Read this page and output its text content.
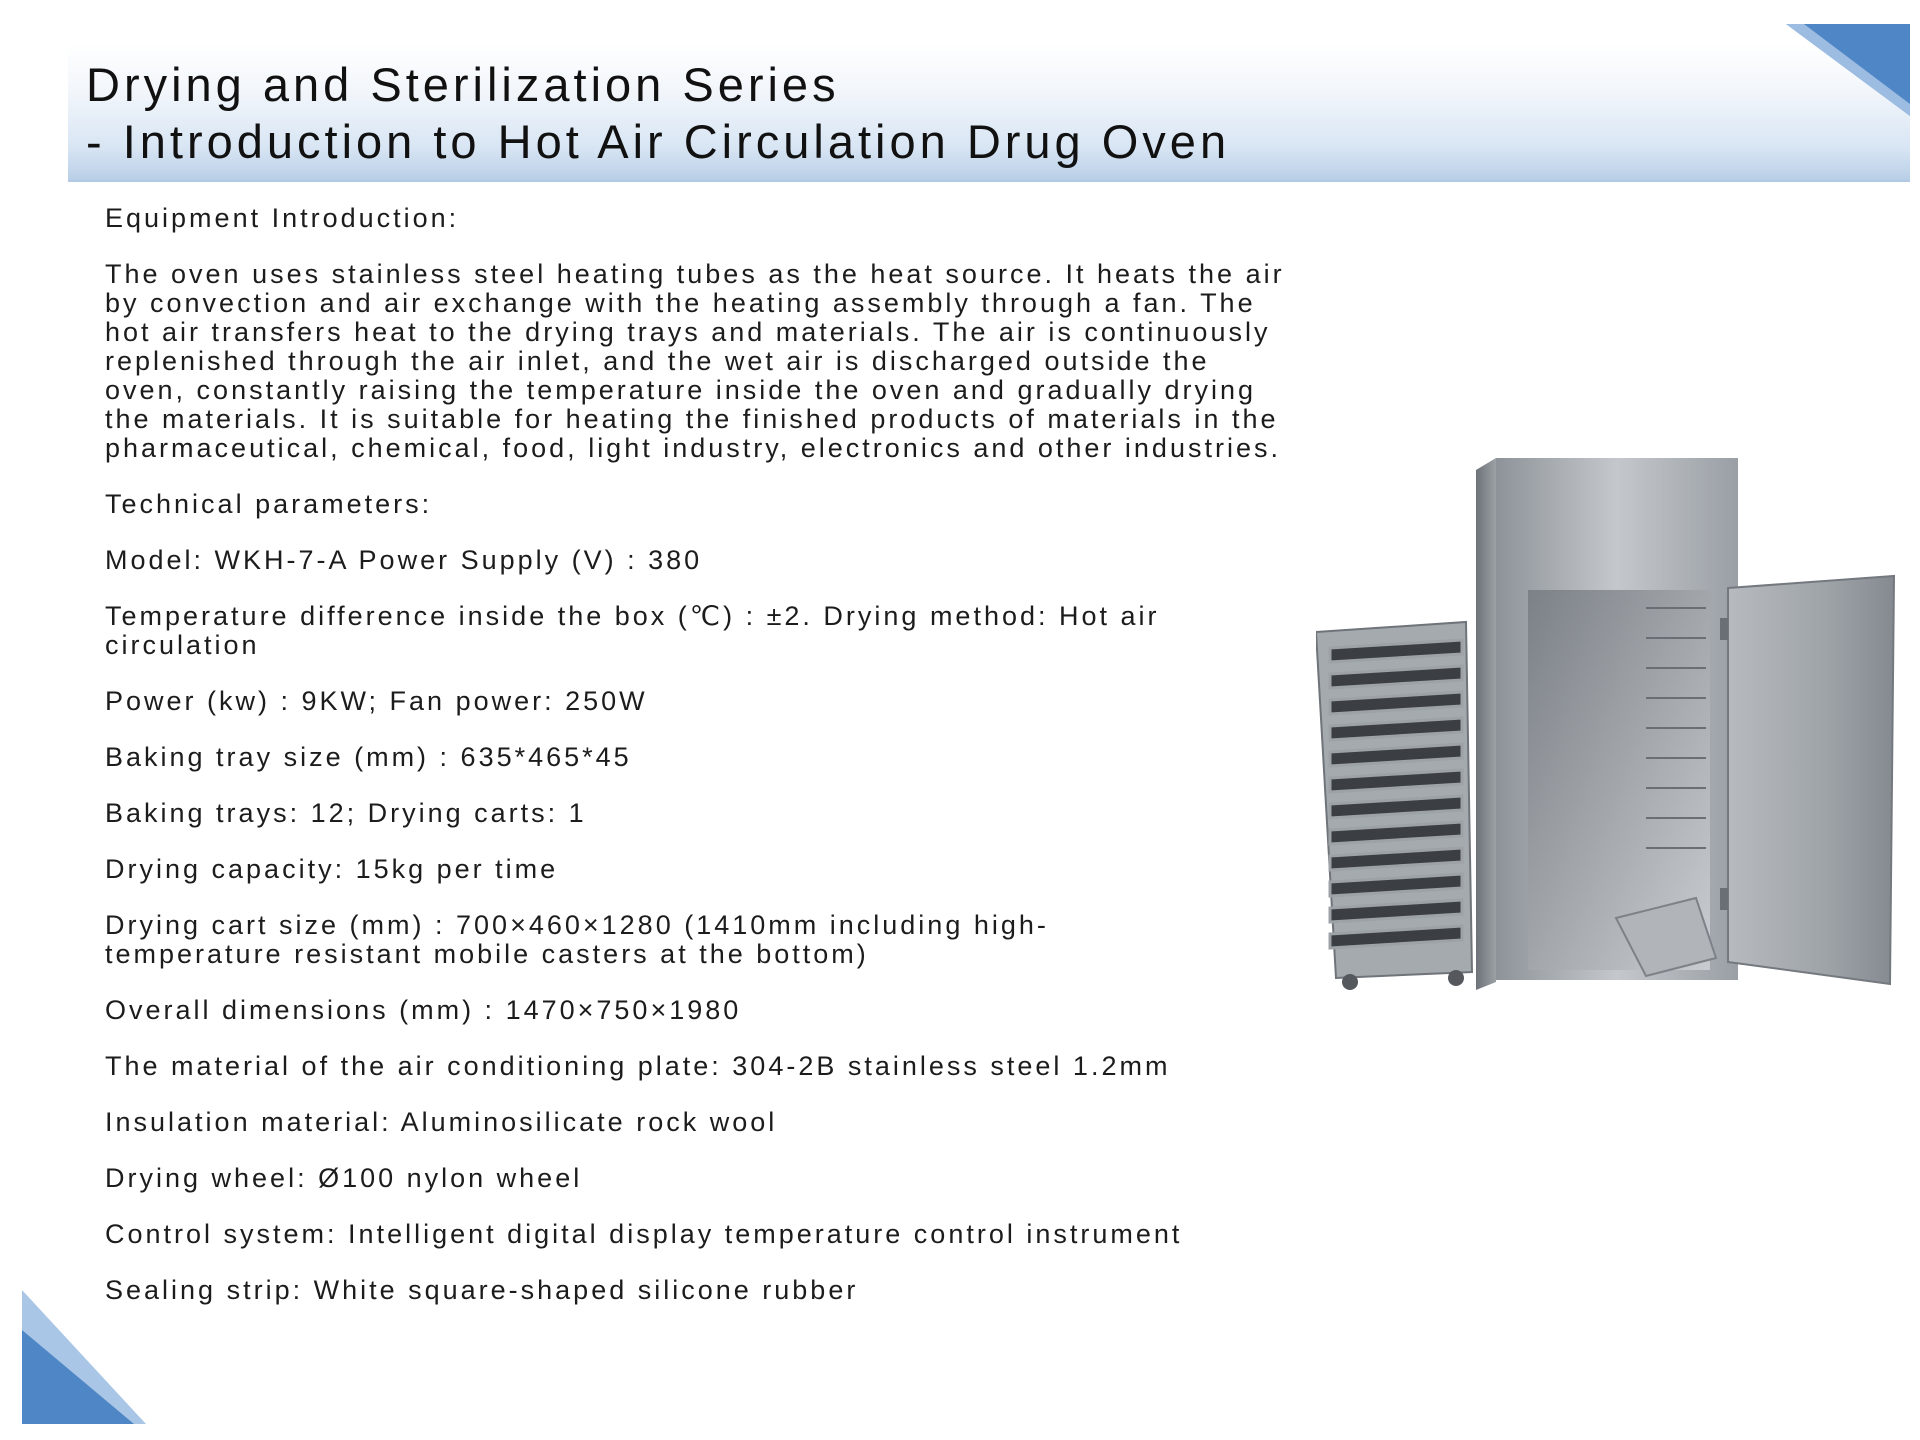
Drying and Sterilization Series
- Introduction to Hot Air Circulation Drug Oven

Equipment Introduction:

The oven uses stainless steel heating tubes as the heat source. It heats the air by convection and air exchange with the heating assembly through a fan. The hot air transfers heat to the drying trays and materials. The air is continuously replenished through the air inlet, and the wet air is discharged outside the oven, constantly raising the temperature inside the oven and gradually drying the materials. It is suitable for heating the finished products of materials in the pharmaceutical, chemical, food, light industry, electronics and other industries.

Technical parameters:

Model: WKH-7-A Power Supply (V) : 380

Temperature difference inside the box (℃) : ±2. Drying method: Hot air circulation

Power (kw) : 9KW; Fan power: 250W

Baking tray size (mm) : 635*465*45

Baking trays: 12; Drying carts: 1

Drying capacity: 15kg per time

Drying cart size (mm) : 700×460×1280 (1410mm including high-temperature resistant mobile casters at the bottom)

Overall dimensions (mm) : 1470×750×1980

The material of the air conditioning plate: 304-2B stainless steel 1.2mm

Insulation material: Aluminosilicate rock wool

Drying wheel: Ø100 nylon wheel

Control system: Intelligent digital display temperature control instrument

Sealing strip: White square-shaped silicone rubber
